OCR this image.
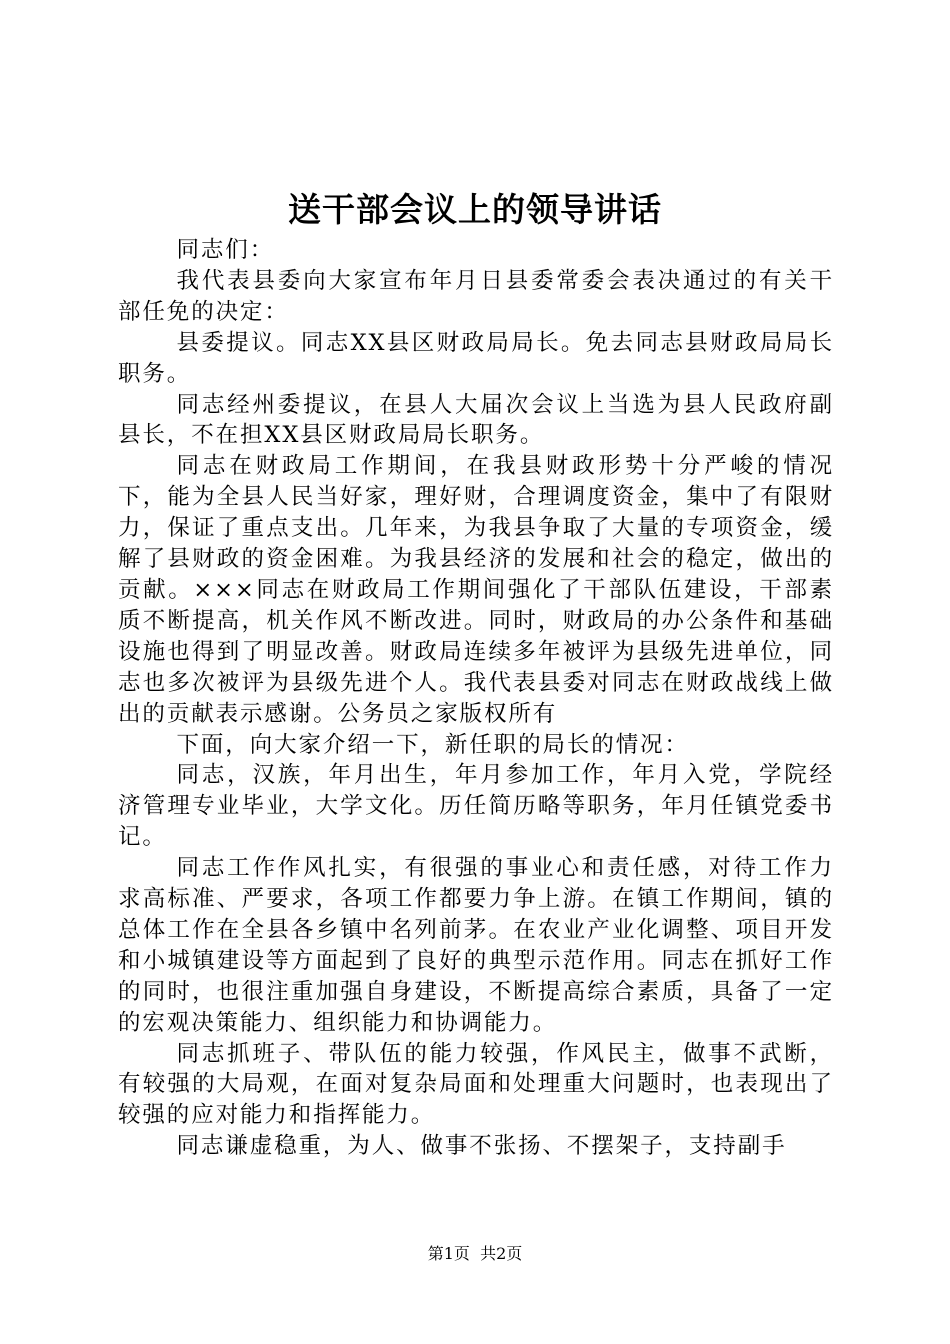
送干部会议上的领导讲话

同志们：

我代表县委向大家宣布年月日县委常委会表决通过的有关干部任免的决定：

县委提议。同志XX县区财政局局长。免去同志县财政局局长职务。

同志经州委提议，在县人大届次会议上当选为县人民政府副县长，不在担XX县区财政局局长职务。

同志在财政局工作期间，在我县财政形势十分严峻的情况下，能为全县人民当好家，理好财，合理调度资金，集中了有限财力，保证了重点支出。几年来，为我县争取了大量的专项资金，缓解了县财政的资金困难。为我县经济的发展和社会的稳定，做出的贡献。×××同志在财政局工作期间强化了干部队伍建设，干部素质不断提高，机关作风不断改进。同时，财政局的办公条件和基础设施也得到了明显改善。财政局连续多年被评为县级先进单位，同志也多次被评为县级先进个人。我代表县委对同志在财政战线上做出的贡献表示感谢。公务员之家版权所有

下面，向大家介绍一下，新任职的局长的情况：

同志，汉族，年月出生，年月参加工作，年月入党，学院经济管理专业毕业，大学文化。历任简历略等职务，年月任镇党委书记。

同志工作作风扎实，有很强的事业心和责任感，对待工作力求高标准、严要求，各项工作都要力争上游。在镇工作期间，镇的总体工作在全县各乡镇中名列前茅。在农业产业化调整、项目开发和小城镇建设等方面起到了良好的典型示范作用。同志在抓好工作的同时，也很注重加强自身建设，不断提高综合素质，具备了一定的宏观决策能力、组织能力和协调能力。

同志抓班子、带队伍的能力较强，作风民主，做事不武断，有较强的大局观，在面对复杂局面和处理重大问题时，也表现出了较强的应对能力和指挥能力。

同志谦虚稳重，为人、做事不张扬、不摆架子，支持副手

第1页  共2页
